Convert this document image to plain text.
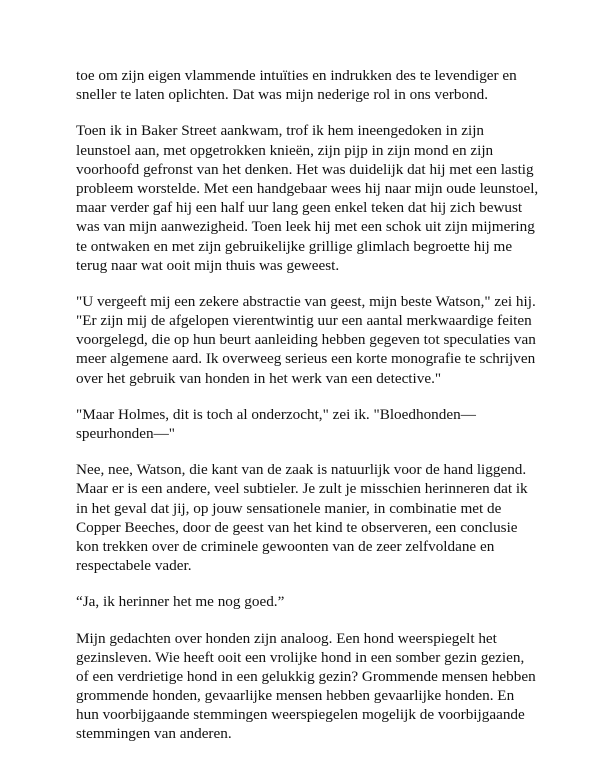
toe om zijn eigen vlammende intuïties en indrukken des te levendiger en
sneller te laten oplichten. Dat was mijn nederige rol in ons verbond.
Toen ik in Baker Street aankwam, trof ik hem ineengedoken in zijn
leunstoel aan, met opgetrokken knieën, zijn pijp in zijn mond en zijn
voorhoofd gefronst van het denken. Het was duidelijk dat hij met een lastig
probleem worstelde. Met een handgebaar wees hij naar mijn oude leunstoel,
maar verder gaf hij een half uur lang geen enkel teken dat hij zich bewust
was van mijn aanwezigheid. Toen leek hij met een schok uit zijn mijmering
te ontwaken en met zijn gebruikelijke grillige glimlach begroette hij me
terug naar wat ooit mijn thuis was geweest.
"U vergeeft mij een zekere abstractie van geest, mijn beste Watson," zei hij.
"Er zijn mij de afgelopen vierentwintig uur een aantal merkwaardige feiten
voorgelegd, die op hun beurt aanleiding hebben gegeven tot speculaties van
meer algemene aard. Ik overweeg serieus een korte monografie te schrijven
over het gebruik van honden in het werk van een detective."
"Maar Holmes, dit is toch al onderzocht," zei ik. "Bloedhonden—
speurhonden—"
Nee, nee, Watson, die kant van de zaak is natuurlijk voor de hand liggend.
Maar er is een andere, veel subtieler. Je zult je misschien herinneren dat ik
in het geval dat jij, op jouw sensationele manier, in combinatie met de
Copper Beeches, door de geest van het kind te observeren, een conclusie
kon trekken over de criminele gewoonten van de zeer zelfvoldane en
respectabele vader.
“Ja, ik herinner het me nog goed.”
Mijn gedachten over honden zijn analoog. Een hond weerspiegelt het
gezinsleven. Wie heeft ooit een vrolijke hond in een somber gezin gezien,
of een verdrietige hond in een gelukkig gezin? Grommende mensen hebben
grommende honden, gevaarlijke mensen hebben gevaarlijke honden. En
hun voorbijgaande stemmingen weerspiegelen mogelijk de voorbijgaande
stemmingen van anderen.
